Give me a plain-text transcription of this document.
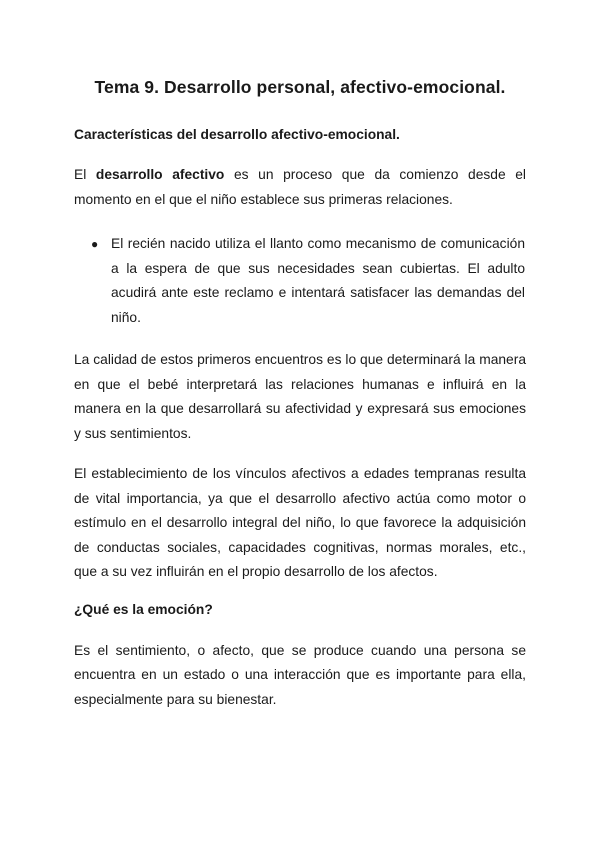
Tema 9. Desarrollo personal, afectivo-emocional.
Características del desarrollo afectivo-emocional.

El desarrollo afectivo es un proceso que da comienzo desde el momento en el que el niño establece sus primeras relaciones.

● El recién nacido utiliza el llanto como mecanismo de comunicación a la espera de que sus necesidades sean cubiertas. El adulto acudirá ante este reclamo e intentará satisfacer las demandas del niño.

La calidad de estos primeros encuentros es lo que determinará la manera en que el bebé interpretará las relaciones humanas e influirá en la manera en la que desarrollará su afectividad y expresará sus emociones y sus sentimientos.

El establecimiento de los vínculos afectivos a edades tempranas resulta de vital importancia, ya que el desarrollo afectivo actúa como motor o estímulo en el desarrollo integral del niño, lo que favorece la adquisición de conductas sociales, capacidades cognitivas, normas morales, etc., que a su vez influirán en el propio desarrollo de los afectos.

¿Qué es la emoción?

Es el sentimiento, o afecto, que se produce cuando una persona se encuentra en un estado o una interacción que es importante para ella, especialmente para su bienestar.
